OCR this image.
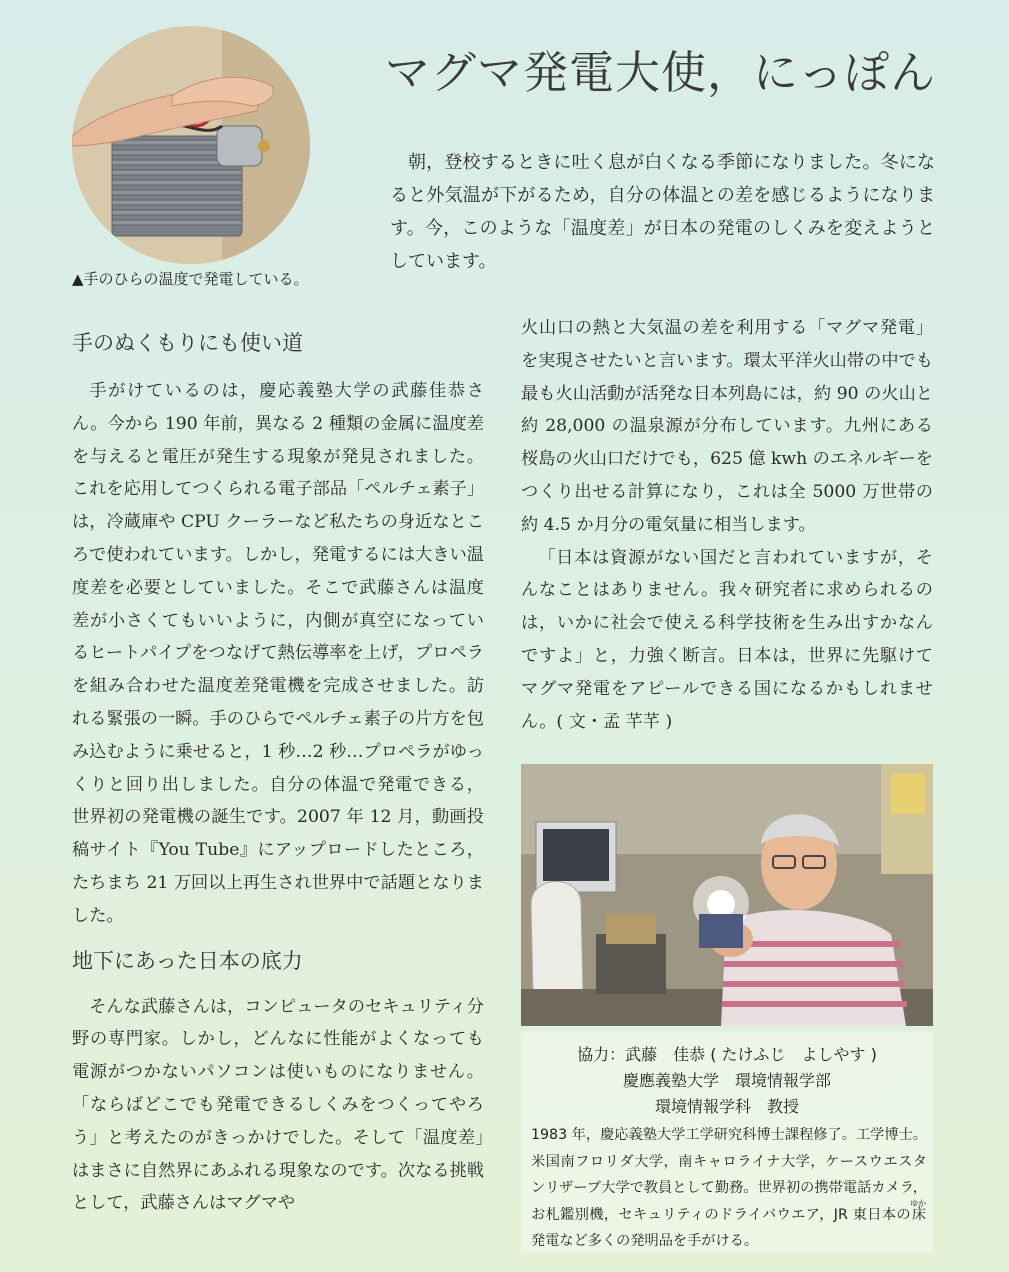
▲手のひらの温度で発電している。
マグマ発電大使，にっぽん

朝，登校するときに吐く息が白くなる季節になりました。冬になると外気温が下がるため，自分の体温との差を感じるようになります。今，このような「温度差」が日本の発電のしくみを変えようとしています。

手のぬくもりにも使い道

手がけているのは，慶応義塾大学の武藤佳恭さん。今から 190 年前，異なる 2 種類の金属に温度差を与えると電圧が発生する現象が発見されました。これを応用してつくられる電子部品「ペルチェ素子」は，冷蔵庫や CPU クーラーなど私たちの身近なところで使われています。しかし，発電するには大きい温度差を必要としていました。そこで武藤さんは温度差が小さくてもいいように，内側が真空になっているヒートパイプをつなげて熱伝導率を上げ，プロペラを組み合わせた温度差発電機を完成させました。訪れる緊張の一瞬。手のひらでペルチェ素子の片方を包み込むように乗せると，1 秒…2 秒…プロペラがゆっくりと回り出しました。自分の体温で発電できる，世界初の発電機の誕生です。2007 年 12 月，動画投稿サイト『You Tube』にアップロードしたところ，たちまち 21 万回以上再生され世界中で話題となりました。

地下にあった日本の底力

そんな武藤さんは，コンピュータのセキュリティ分野の専門家。しかし，どんなに性能がよくなっても電源がつかないパソコンは使いものになりません。「ならばどこでも発電できるしくみをつくってやろう」と考えたのがきっかけでした。そして「温度差」はまさに自然界にあふれる現象なのです。次なる挑戦として，武藤さんはマグマや

火山口の熱と大気温の差を利用する「マグマ発電」を実現させたいと言います。環太平洋火山帯の中でも最も火山活動が活発な日本列島には，約 90 の火山と約 28,000 の温泉源が分布しています。九州にある桜島の火山口だけでも，625 億 kwh のエネルギーをつくり出せる計算になり，これは全 5000 万世帯の約 4.5 か月分の電気量に相当します。

「日本は資源がない国だと言われていますが，そんなことはありません。我々研究者に求められるのは，いかに社会で使える科学技術を生み出すかなんですよ」と，力強く断言。日本は，世界に先駆けてマグマ発電をアピールできる国になるかもしれません。( 文・孟 芊芊 )

協力：武藤　佳恭 ( たけふじ　よしやす )

慶應義塾大学　環境情報学部

環境情報学科　教授

1983 年，慶応義塾大学工学研究科博士課程修了。工学博士。米国南フロリダ大学，南キャロライナ大学，ケースウエスタンリザーブ大学で教員として勤務。世界初の携帯電話カメラ，お札鑑別機，セキュリティのドライバウエア，JR 東日本の床ゆか発電など多くの発明品を手がける。
